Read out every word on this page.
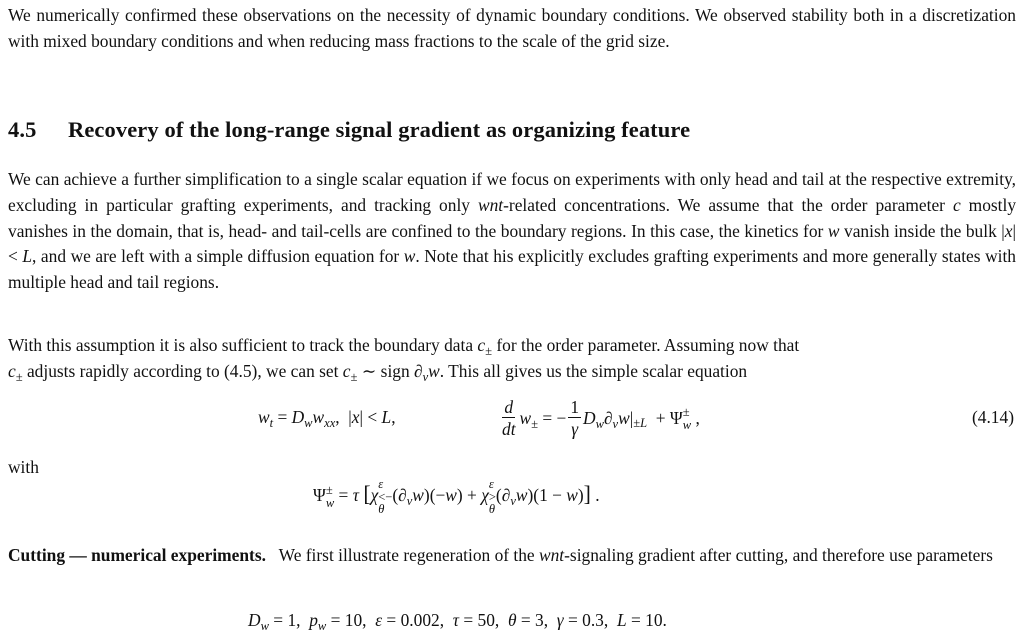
We numerically confirmed these observations on the necessity of dynamic boundary conditions. We observed stability both in a discretization with mixed boundary conditions and when reducing mass fractions to the scale of the grid size.

4.5 Recovery of the long-range signal gradient as organizing feature

We can achieve a further simplification to a single scalar equation if we focus on experiments with only head and tail at the respective extremity, excluding in particular grafting experiments, and tracking only wnt-related concentrations. We assume that the order parameter c mostly vanishes in the domain, that is, head- and tail-cells are confined to the boundary regions. In this case, the kinetics for w vanish inside the bulk |x| < L, and we are left with a simple diffusion equation for w. Note that his explicitly excludes grafting experiments and more generally states with multiple head and tail regions.

With this assumption it is also sufficient to track the boundary data $c_\pm$ for the order parameter. Assuming now that
$c_\pm$ adjusts rapidly according to (4.5), we can set $c_\pm$ ∼ sign $\partial_\nu w$. This all gives us the simple scalar equation

$w_t = D_ww_{xx}$,  |x| < L,	$\frac{d}{dt} w_\pm$ = − $\frac{1}{\gamma} D_w\partial_\nu w$ | ±L + Ψ ±
w ,	(4.14)

with

Ψ ±
w = τ [χ
ε
<−
θ
$(\partial_\nu w)(-w) + \chi$
ε
>
θ
$(\partial_\nu w)(1 - w)$] .

Cutting — numerical experiments. We first illustrate regeneration of the wnt-signaling gradient after cutting, and therefore use parameters

$D_w = 1$,  $p_w = 10$,  ε = 0.002,  τ = 50,  θ = 3,  γ = 0.3,  L = 10.
